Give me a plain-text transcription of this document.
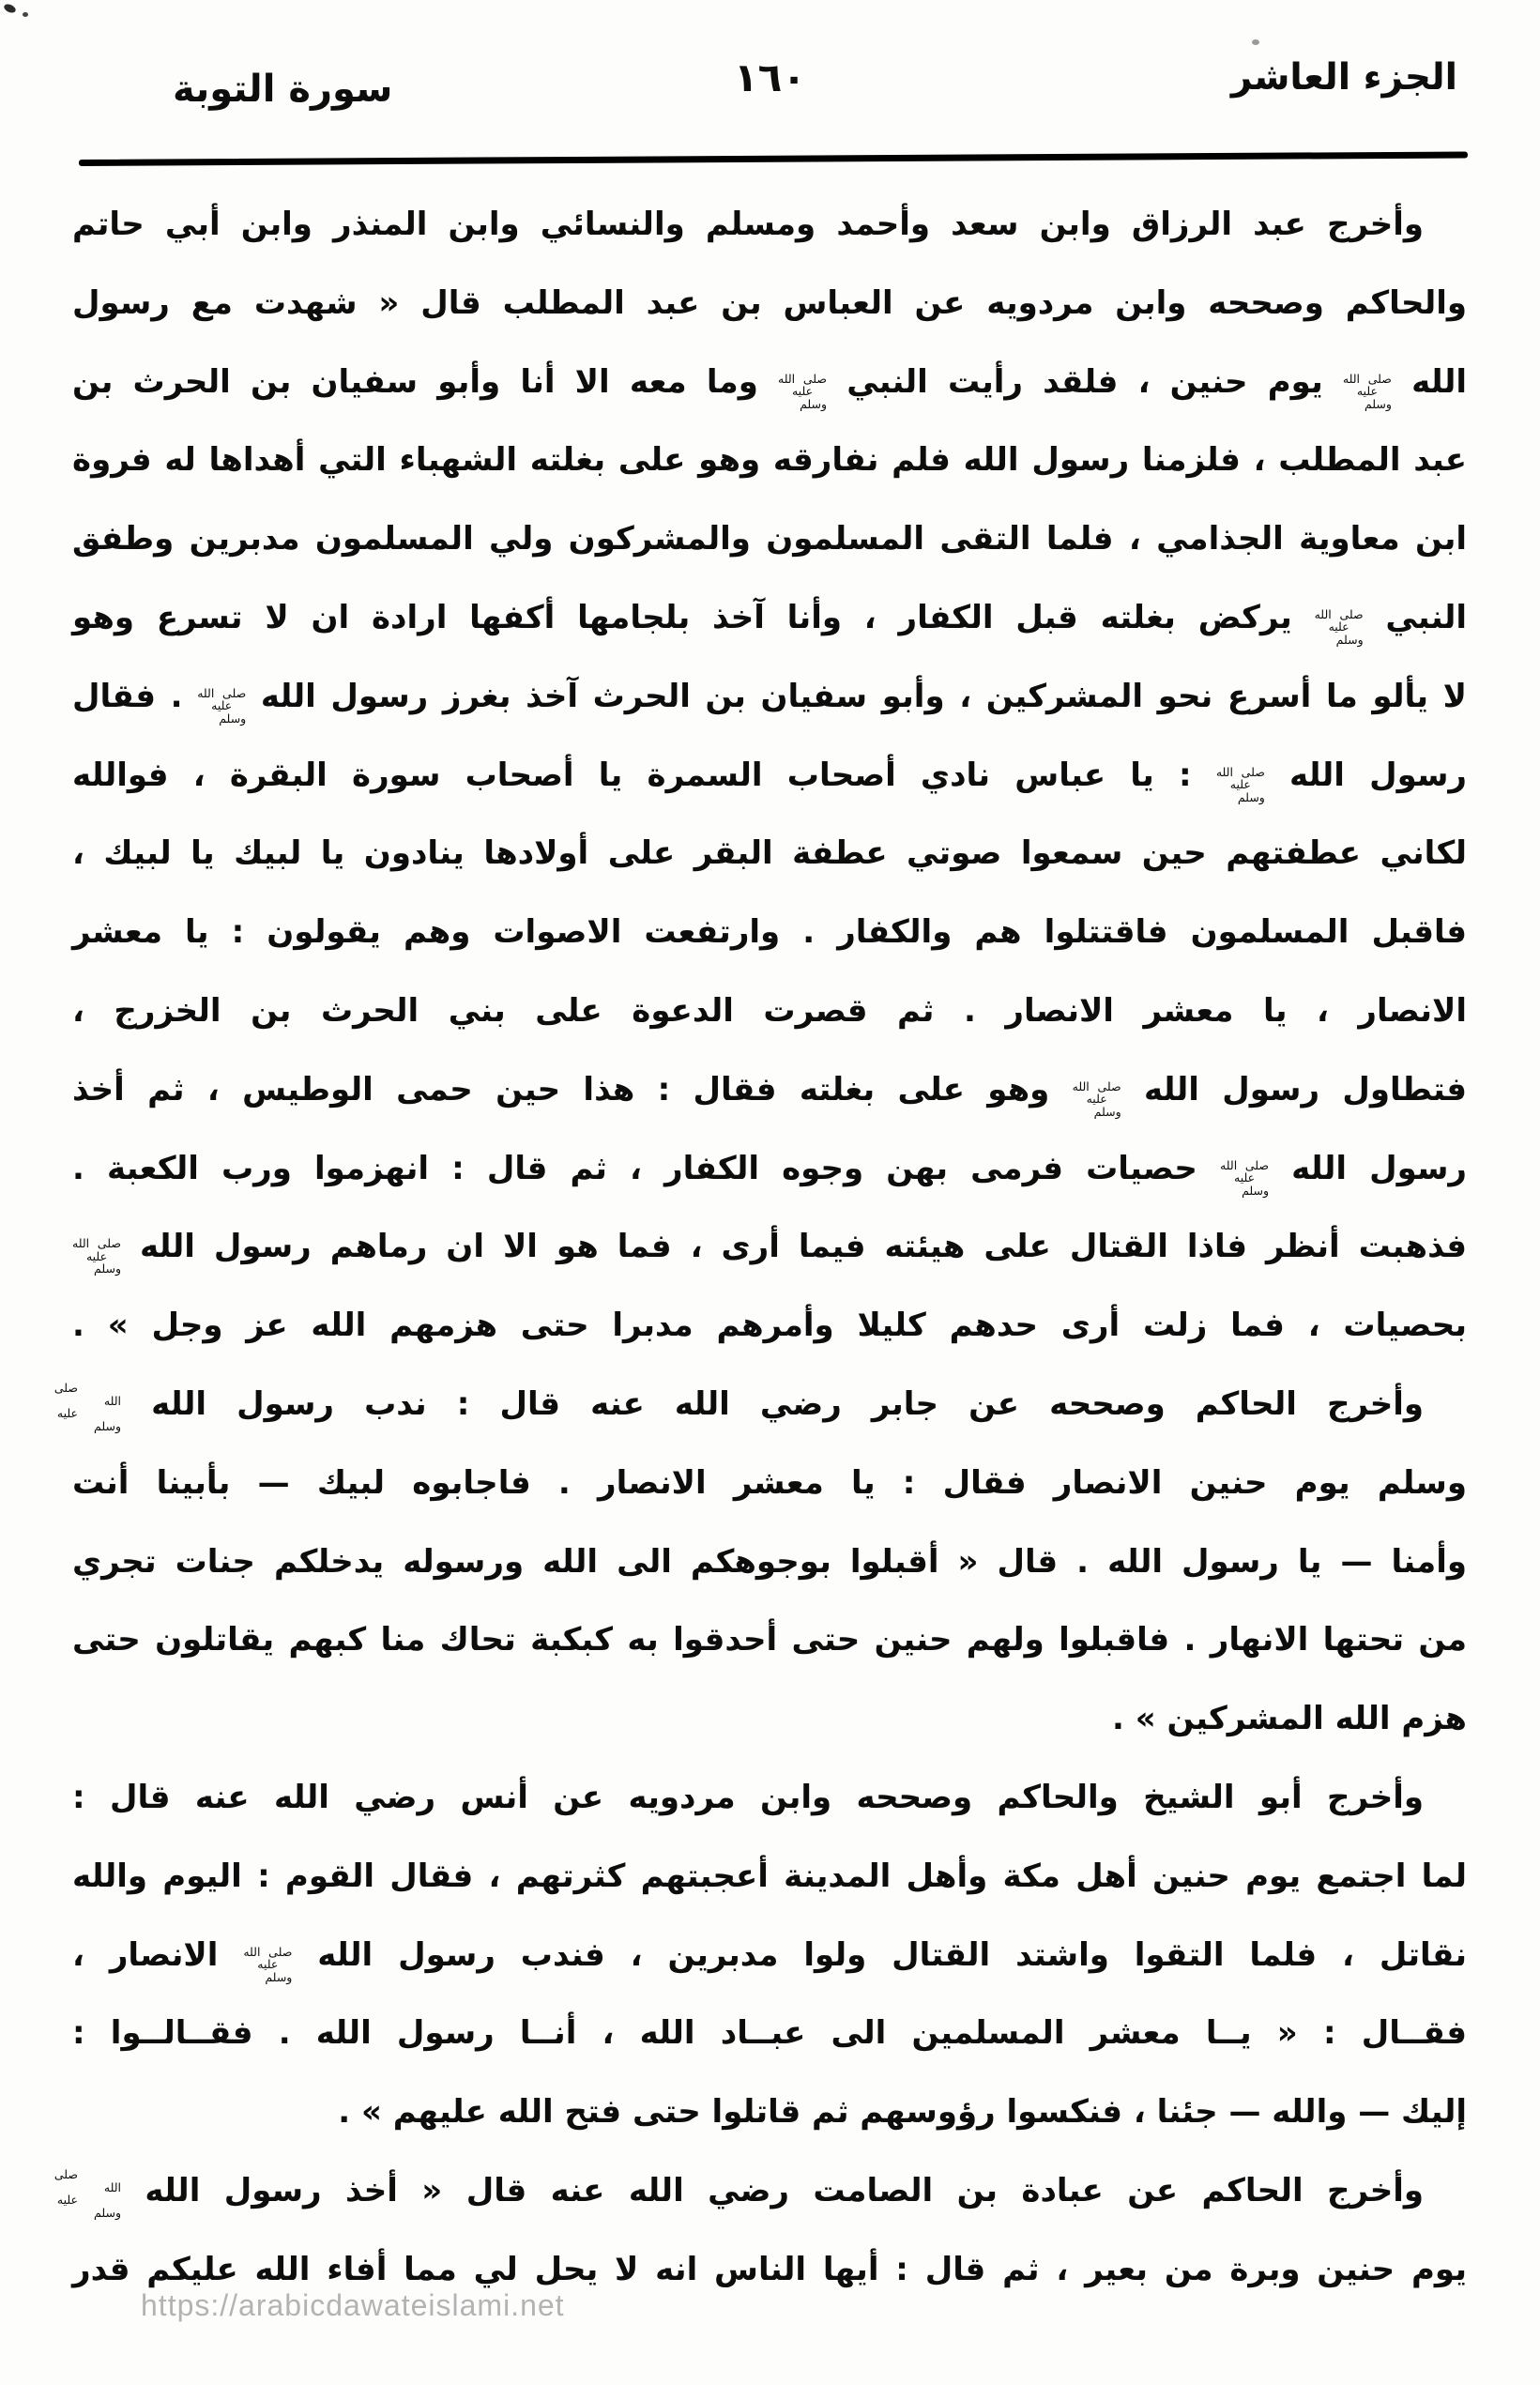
الجزء العاشر
١٦٠
سورة التوبة
https://arabicdawateislami.net
وأخرج عبد الرزاق وابن سعد وأحمد ومسلم والنسائي وابن المنذر وابن أبي حاتم
والحاكم وصححه وابن مردويه عن العباس بن عبد المطلب قال « شهدت مع رسول
الله
صلى الله
عليه وسلم
يوم حنين ، فلقد رأيت النبي
صلى الله
عليه وسلم
وما معه الا أنا وأبو سفيان بن الحرث بن
عبد المطلب ، فلزمنا رسول الله فلم نفارقه وهو على بغلته الشهباء التي أهداها له فروة
ابن معاوية الجذامي ، فلما التقى المسلمون والمشركون ولي المسلمون مدبرين وطفق
النبي
صلى الله
عليه وسلم
يركض بغلته قبل الكفار ، وأنا آخذ بلجامها أكفها ارادة ان لا تسرع وهو
لا يألو ما أسرع نحو المشركين ، وأبو سفيان بن الحرث آخذ بغرز رسول الله
صلى الله
عليه وسلم
. فقال
رسول الله
صلى الله
عليه وسلم
: يا عباس نادي أصحاب السمرة يا أصحاب سورة البقرة ، فوالله
لكاني عطفتهم حين سمعوا صوتي عطفة البقر على أولادها ينادون يا لبيك يا لبيك ،
فاقبل المسلمون فاقتتلوا هم والكفار . وارتفعت الاصوات وهم يقولون : يا معشر
الانصار ، يا معشر الانصار . ثم قصرت الدعوة على بني الحرث بن الخزرج ،
فتطاول رسول الله
صلى الله
عليه وسلم
وهو على بغلته فقال : هذا حين حمى الوطيس ، ثم أخذ
رسول الله
صلى الله
عليه وسلم
حصيات فرمى بهن وجوه الكفار ، ثم قال : انهزموا ورب الكعبة .
فذهبت أنظر فاذا القتال على هيئته فيما أرى ، فما هو الا ان رماهم رسول الله
صلى الله
عليه وسلم
بحصيات ، فما زلت أرى حدهم كليلا وأمرهم مدبرا حتى هزمهم الله عز وجل » .
وأخرج الحاكم وصححه عن جابر رضي الله عنه قال : ندب رسول الله
صلى الله
عليه وسلم
وسلم يوم حنين الانصار فقال : يا معشر الانصار . فاجابوه لبيك — بأبينا أنت
وأمنا — يا رسول الله . قال « أقبلوا بوجوهكم الى الله ورسوله يدخلكم جنات تجري
من تحتها الانهار . فاقبلوا ولهم حنين حتى أحدقوا به كبكبة تحاك منا كبهم يقاتلون حتى
هزم الله المشركين » .
وأخرج أبو الشيخ والحاكم وصححه وابن مردويه عن أنس رضي الله عنه قال :
لما اجتمع يوم حنين أهل مكة وأهل المدينة أعجبتهم كثرتهم ، فقال القوم : اليوم والله
نقاتل ، فلما التقوا واشتد القتال ولوا مدبرين ، فندب رسول الله
صلى الله
عليه وسلم
الانصار ،
فقــال : « يــا معشر المسلمين الى عبــاد الله ، أنــا رسول الله . فقــالــوا :
إليك — والله — جئنا ، فنكسوا رؤوسهم ثم قاتلوا حتى فتح الله عليهم » .
وأخرج الحاكم عن عبادة بن الصامت رضي الله عنه قال « أخذ رسول الله
صلى الله
عليه وسلم
يوم حنين وبرة من بعير ، ثم قال : أيها الناس انه لا يحل لي مما أفاء الله عليكم قدر
